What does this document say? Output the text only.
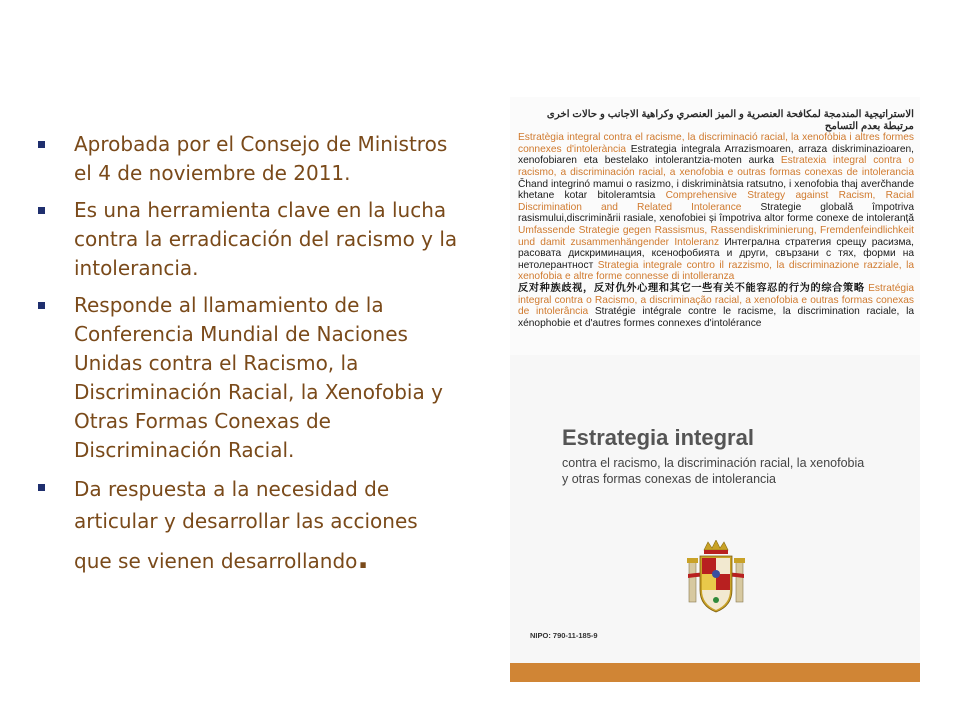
Aprobada por el Consejo de Ministros el 4 de noviembre de 2011.
Es una herramienta clave en la lucha contra la erradicación del racismo y la intolerancia.
Responde al llamamiento de la Conferencia Mundial de Naciones Unidas contra el Racismo, la Discriminación Racial, la Xenofobia y Otras Formas Conexas de Discriminación Racial.
Da respuesta a la necesidad de articular y desarrollar las acciones
que se vienen desarrollando.
الاستراتيجية المندمجة لمكافحة العنصرية و الميز العنصري وكراهية الاجانب و حالات اخرى مرتبطة بعدم التسامح
Estratègia integral contra el racisme, la discriminació racial, la xenofòbia i altres formes connexes d'intolerància Estrategia integrala Arrazismoaren, arraza diskriminazioaren, xenofobiaren eta bestelako intolerantzia-moten aurka Estratexia integral contra o racismo, a discriminación racial, a xenofobia e outras formas conexas de intolerancia Čhand integrinó mamui o rasizmo, i diskriminàtsia ratsutno, i xenofobia thaj averčhande khetane kotar bitoleramtsia Comprehensive Strategy against Racism, Racial Discrimination and Related Intolerance Strategie globală împotriva rasismului,discriminării rasiale, xenofobiei și împotriva altor forme conexe de intoleranță Umfassende Strategie gegen Rassismus, Rassendiskriminierung, Fremdenfeindlichkeit und damit zusammenhängender Intoleranz Интегрална стратегия срещу расизма, расовата дискриминация, ксенофобията и други, свързани с тях, форми на нетолерантност Strategia integrale contro il razzismo, la discriminazione razziale, la xenofobia e altre forme connesse di intolleranza
反对种族歧视，反对仇外心理和其它一些有关不能容忍的行为的综合策略 Estratégia integral contra o Racismo, a discriminação racial, a xenofobia e outras formas conexas de intolerância Stratégie intégrale contre le racisme, la discrimination raciale, la xénophobie et d'autres formes connexes d'intolérance
Estrategia integral
contra el racismo, la discriminación racial, la xenofobia
y otras formas conexas de intolerancia
NIPO: 790-11-185-9
